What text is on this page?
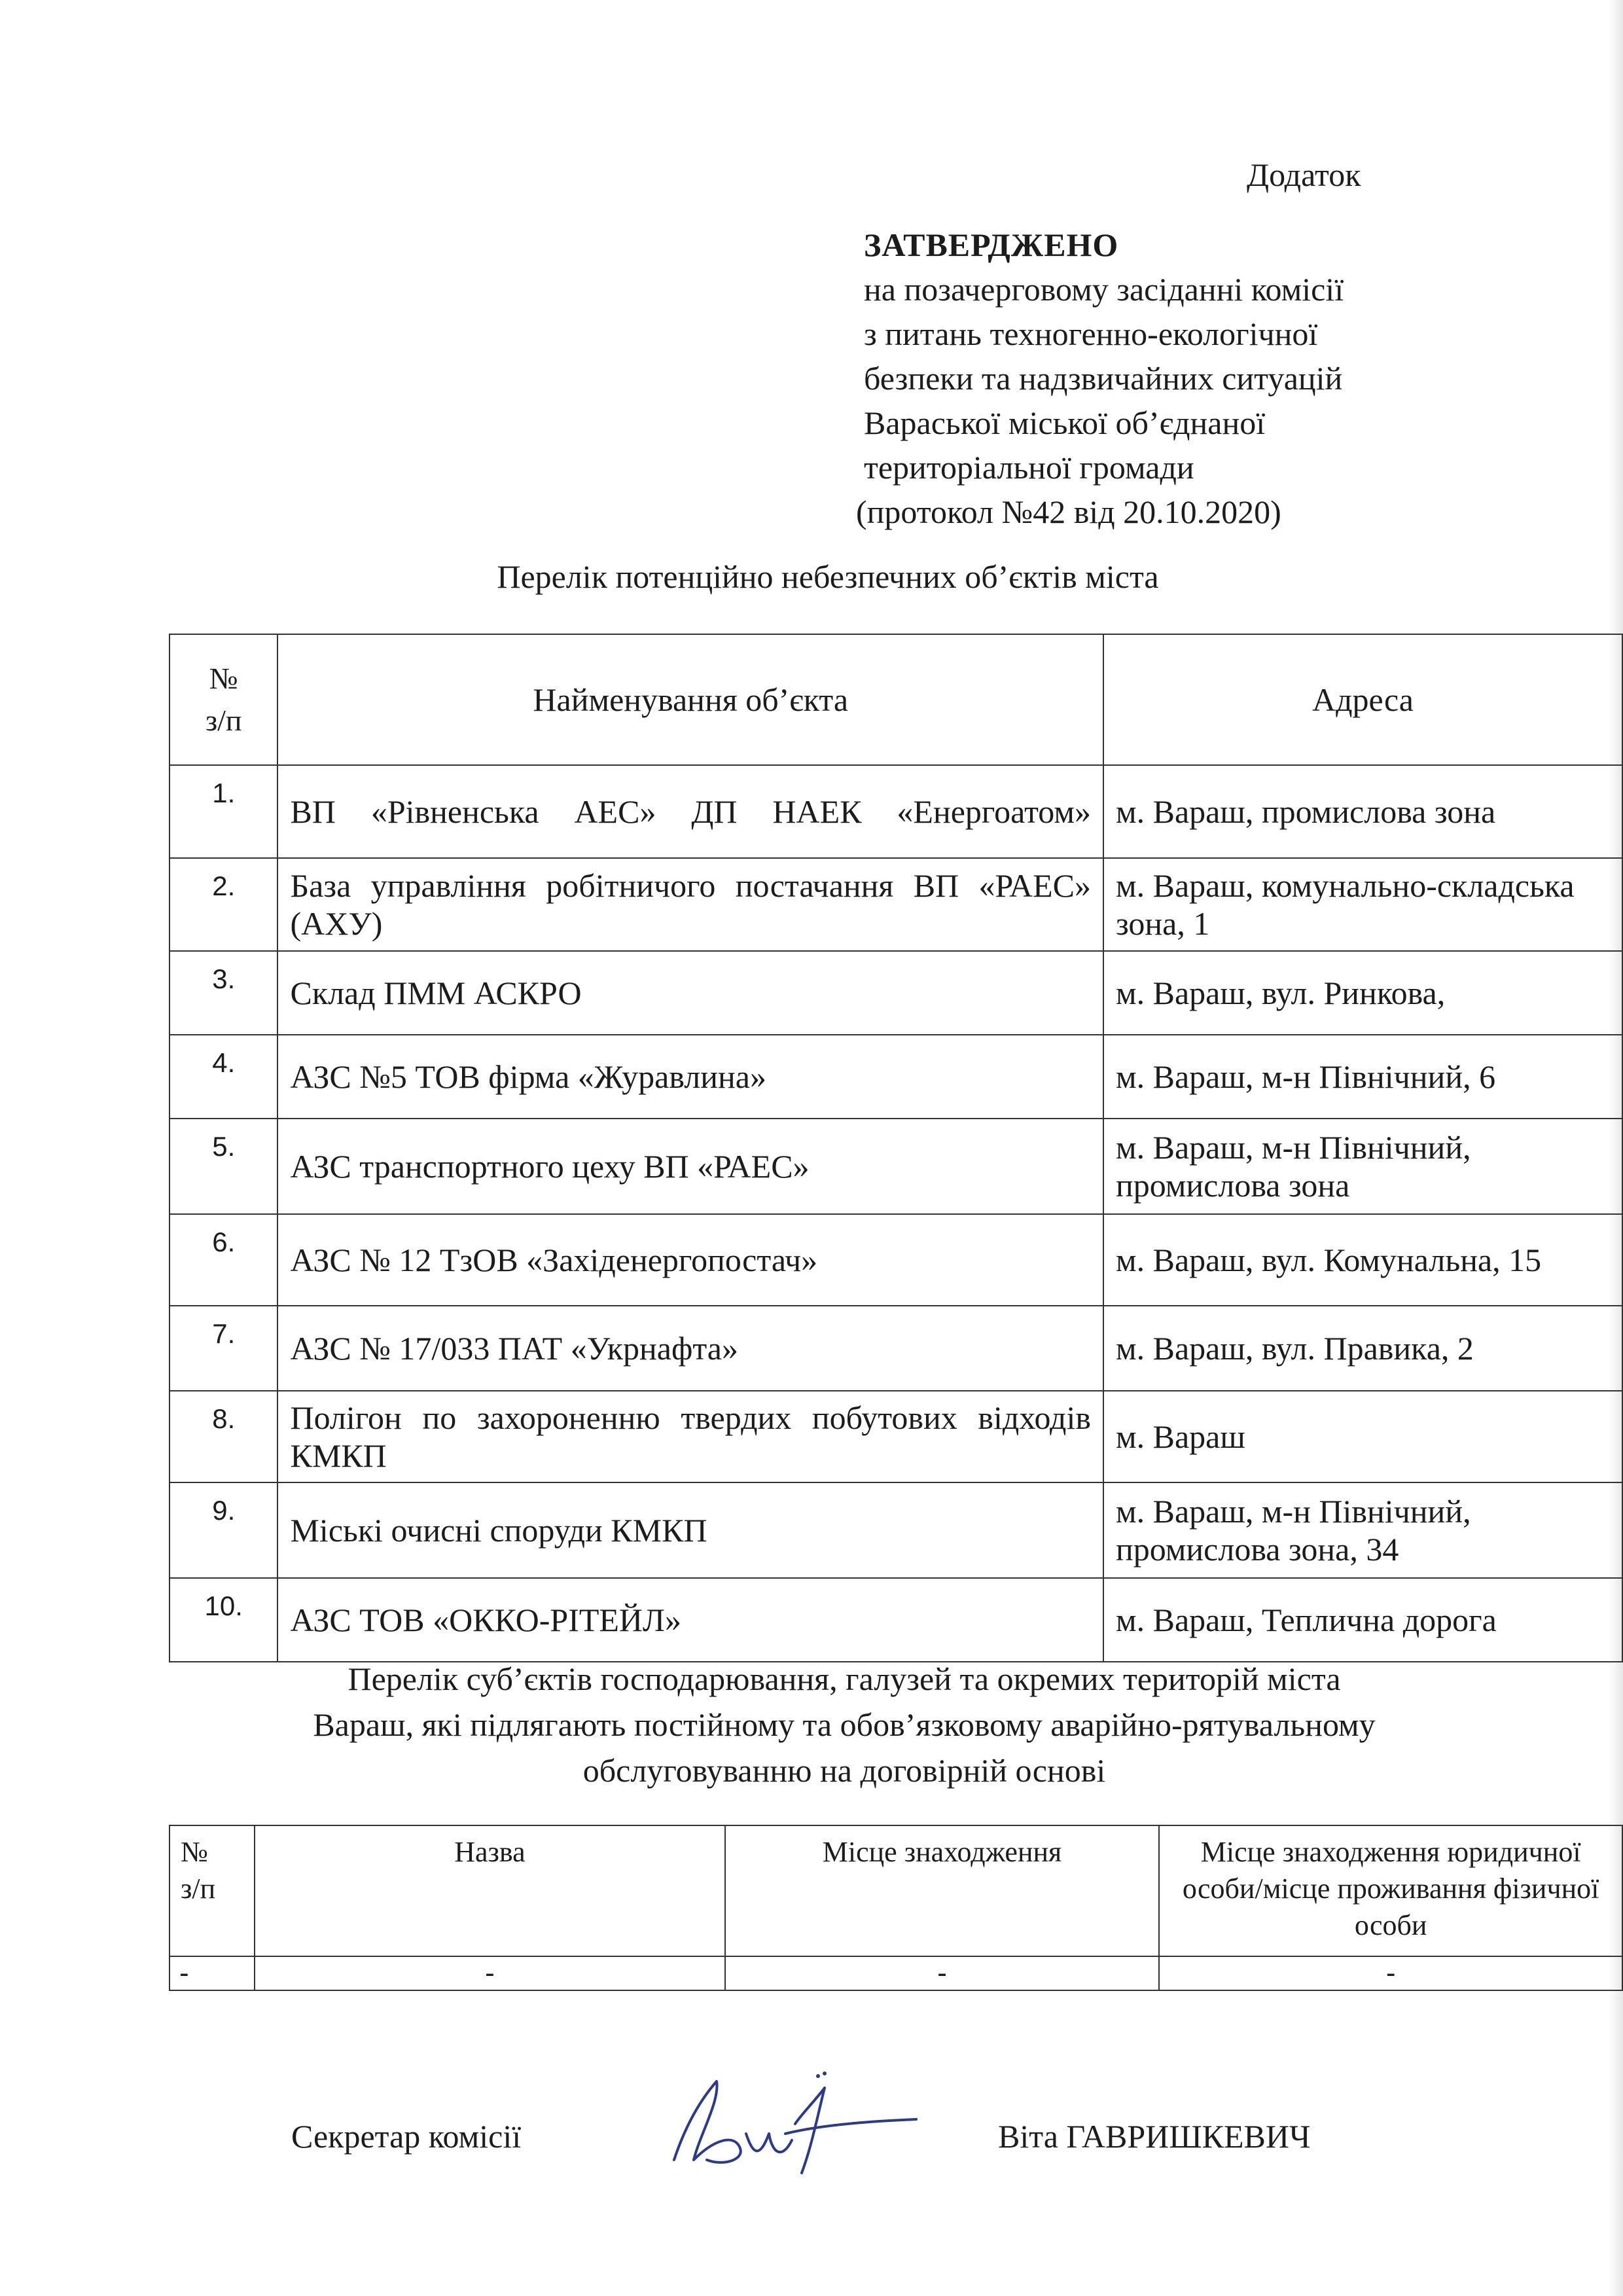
Додаток
ЗАТВЕРДЖЕНО
на позачерговому засіданні комісії
з питань техногенно-екологічної
безпеки та надзвичайних ситуацій
Вараської міської об’єднаної
територіальної громади
(протокол №42 від 20.10.2020)
Перелік потенційно небезпечних об’єктів міста
№
з/п	Найменування об’єкта	Адреса
1.	ВП «Рівненська АЕС» ДП НАЕК «Енергоатом»	м. Вараш, промислова зона
2.	База управління робітничого постачання ВП «РАЕС» (АХУ)	м. Вараш, комунально-складська зона, 1
3.	Склад ПММ АСКРО	м. Вараш, вул. Ринкова,
4.	АЗС №5 ТОВ фірма «Журавлина»	м. Вараш, м-н Північний, 6
5.	АЗС транспортного цеху ВП «РАЕС»	м. Вараш, м-н Північний, промислова зона
6.	АЗС № 12 ТзОВ «Західенергопостач»	м. Вараш, вул. Комунальна, 15
7.	АЗС № 17/033 ПАТ «Укрнафта»	м. Вараш, вул. Правика, 2
8.	Полігон по захороненню твердих побутових відходів КМКП	м. Вараш
9.	Міські очисні споруди КМКП	м. Вараш, м-н Північний, промислова зона, 34
10.	АЗС ТОВ «ОККО-РІТЕЙЛ»	м. Вараш, Теплична дорога
Перелік суб’єктів господарювання, галузей та окремих територій міста
Вараш, які підлягають постійному та обов’язковому аварійно-рятувальному
обслуговуванню на договірній основі
№
з/п	Назва	Місце знаходження	Місце знаходження юридичної особи/місце проживання фізичної особи
-	-	-	-
Секретар комісії	Віта ГАВРИШКЕВИЧ
